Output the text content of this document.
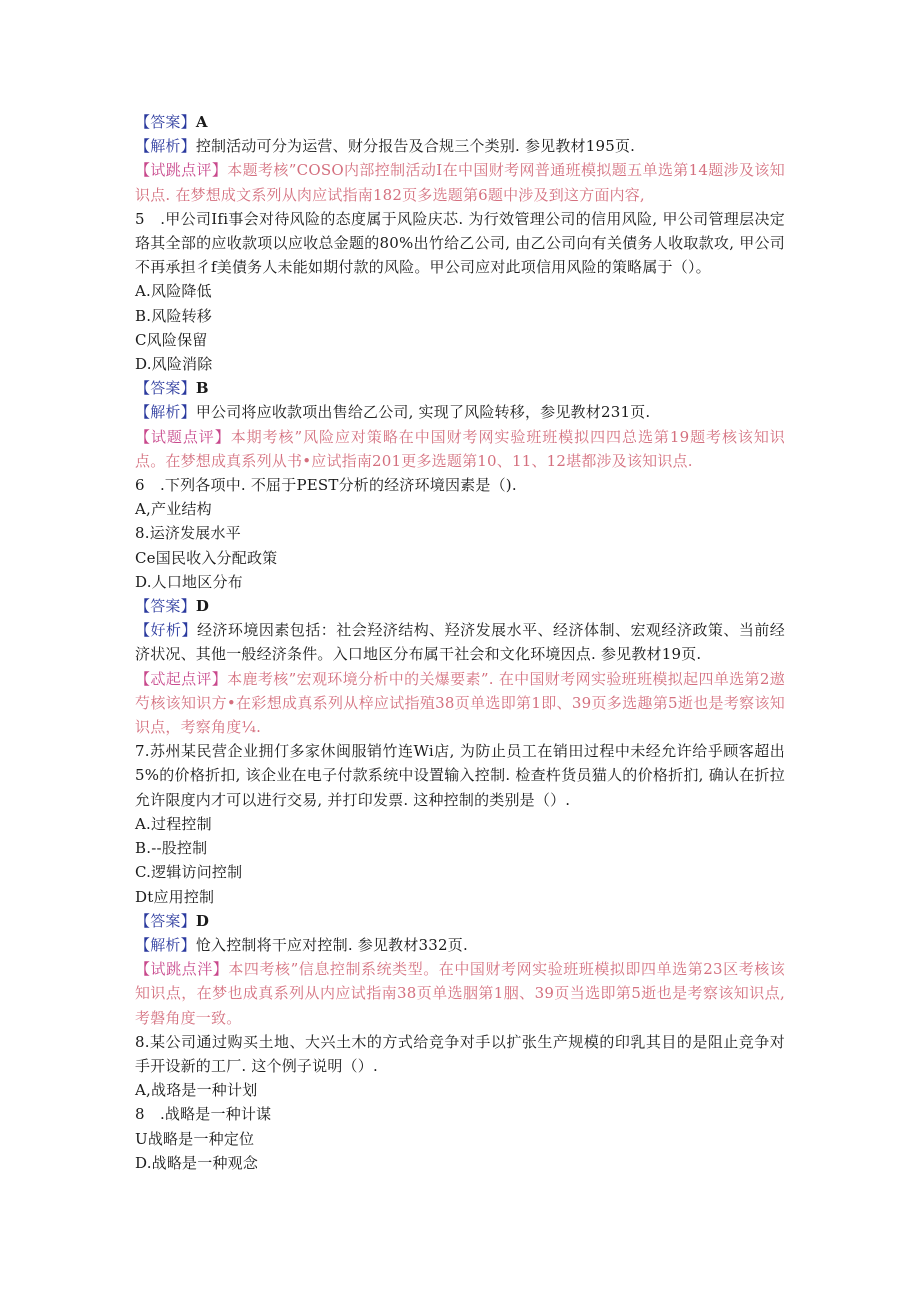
【答案】A
【解析】控制活动可分为运营、财分报告及合规三个类别. 参见教材195页.
【试跳点评】本题考核”COSO内部控制活动I在中国财考网普通班模拟题五单选第14题涉及该知识点. 在梦想成文系列从肉应试指南182页多选题第6题中涉及到这方面内容,
5　.甲公司Ifi事会对待风险的态度属于风险庆芯. 为行效管理公司的信用风险, 甲公司管理层决定珞其全部的应收款项以应收总金题的80%出竹给乙公司, 由乙公司向有关債务人收取款攻, 甲公司不再承担彳f美債务人未能如期付款的风险。甲公司应对此项信用风险的策略属于（）。
A.风险降低
B.风险转移
C风险保留
D.风险消除
【答案】B
【解析】甲公司将应收款项出售给乙公司, 实现了风险转移，参见教材231页.
【试题点评】本期考核”风险应对策略在中国财考网实验班班模拟四四总选第19题考核该知识点。在梦想成真系列从书•应试指南201更多选题第10、11、12堪都涉及该知识点.
6　.下列各项中. 不屈于PEST分析的经济环境因素是（).
A,产业结构
8.运济发展水平
Ce国民收入分配政策
D.人口地区分布
【答案】D
【好析】经济环境因素包括：社会羟济结构、羟济发展水平、经济体制、宏观经济政策、当前经济状况、其他一般经济条件。入口地区分布属干社会和文化环境因点. 参见教材19页.
【忒起点评】本鹿考核”宏观环境分析中的关爆要素”. 在中国财考网实验班班模拟起四单选第2遨芍核该知识方•在彩想成真系列从梓应试指殖38页单选即第1即、39页多选趣第5逝也是考察该知识点，考察角度¼.
7.苏州某民营企业拥仃多家休闽服销竹连Wi店, 为防止员工在销田过程中未经允许给乎顾客超出5%的价格折扣, 该企业在电子付款系统中设置输入控制. 检查杵货员猫人的价格折扪, 确认在折拉允许限度内才可以进行交易, 并打印发票. 这种控制的类别是（）.
A.过程控制
B.--股控制
C.逻辑访问控制
Dt应用控制
【答案】D
【解析】怆入控制将干应对控制. 参见教材332页.
【试跳点泮】本四考核”信息控制系统类型。在中国财考网实验班班模拟即四单选第23区考核该知识点，在梦也成真系列从内应试指南38页单选胭第1胭、39页当选即第5逝也是考察该知识点,考磐角度一致。
8.某公司通过购买土地、大兴土木的方式给竞争对手以扩张生产规模的印乳其目的是阻止竞争对手开设新的工厂. 这个例子说明（）.
A,战珞是一种计划
8　.战略是一种计谋
U战略是一种定位
D.战略是一种观念
